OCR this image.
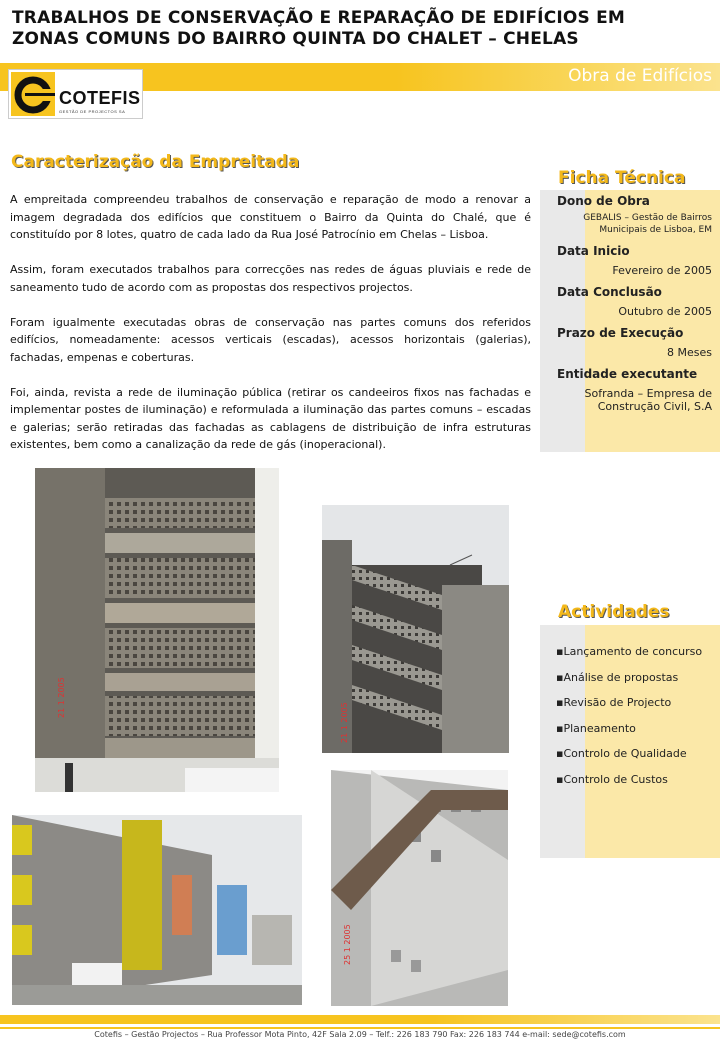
TRABALHOS DE CONSERVAÇÃO E REPARAÇÃO DE EDIFÍCIOS EM
ZONAS COMUNS DO BAIRRO QUINTA DO CHALET – CHELAS
Obra de Edifícios
COTEFIS
GESTÃO DE PROJECTOS SA
Caracterização da Empreitada

A empreitada compreendeu trabalhos de conservação e reparação de modo a renovar a imagem degradada dos edifícios que constituem o Bairro da Quinta do Chalé, que é constituído por 8 lotes, quatro de cada lado da Rua José Patrocínio em Chelas – Lisboa.

Assim, foram executados trabalhos para correcções nas redes de águas pluviais e rede de saneamento tudo de acordo com as propostas dos respectivos projectos.

Foram igualmente executadas obras de conservação nas partes comuns dos referidos edifícios, nomeadamente: acessos verticais (escadas), acessos horizontais (galerias), fachadas, empenas e coberturas.

Foi, ainda, revista a rede de iluminação pública (retirar os candeeiros fixos nas fachadas e implementar postes de iluminação) e reformulada a iluminação das partes comuns – escadas e galerias; serão retiradas das fachadas as cablagens de distribuição de infra estruturas existentes, bem como a canalização da rede de gás (inoperacional).

Ficha Técnica
Dono de Obra
GEBALIS – Gestão de Bairros Municipais de Lisboa, EM
Data Inicio
Fevereiro de 2005
Data Conclusão
Outubro de 2005
Prazo de Execução
8 Meses
Entidade executante
Sofranda – Empresa de Construção Civil, S.A
Actividades
▪Lançamento de concurso
▪Análise de propostas
▪Revisão de Projecto
▪Planeamento
▪Controlo de Qualidade
▪Controlo de Custos
21 1 2005
21 1 2005
25 1 2005
Cotefis – Gestão Projectos – Rua Professor Mota Pinto, 42F Sala 2.09 – Telf.: 226 183 790 Fax: 226 183 744 e-mail: sede@cotefis.com
